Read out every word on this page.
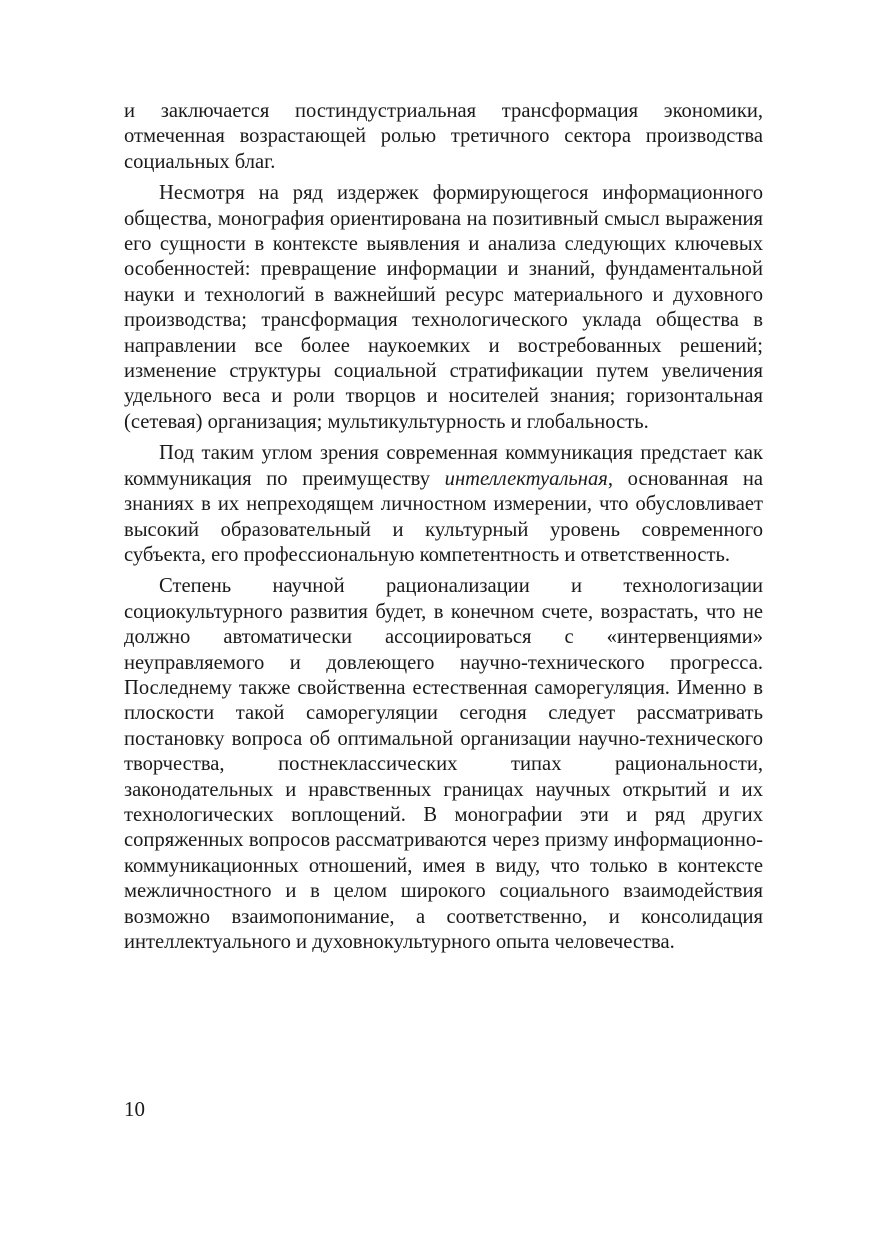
и заключается постиндустриальная трансформация экономики, отмеченная возрастающей ролью третичного сектора производства социальных благ.

Несмотря на ряд издержек формирующегося информационного общества, монография ориентирована на позитивный смысл выражения его сущности в контексте выявления и анализа следующих ключевых особенностей: превращение информации и знаний, фундаментальной науки и технологий в важнейший ресурс материального и духовного производства; трансформация технологического уклада общества в направлении все более наукоемких и востребованных решений; изменение структуры социальной стратификации путем увеличения удельного веса и роли творцов и носителей знания; горизонтальная (сетевая) организация; мультикультурность и глобальность.

Под таким углом зрения современная коммуникация предстает как коммуникация по преимуществу интеллектуальная, основанная на знаниях в их непреходящем личностном измерении, что обусловливает высокий образовательный и культурный уровень современного субъекта, его профессиональную компетентность и ответственность.

Степень научной рационализации и технологизации социокультурного развития будет, в конечном счете, возрастать, что не должно автоматически ассоциироваться с «интервенциями» неуправляемого и довлеющего научно-технического прогресса. Последнему также свойственна естественная саморегуляция. Именно в плоскости такой саморегуляции сегодня следует рассматривать постановку вопроса об оптимальной организации научно-технического творчества, постнеклассических типах рациональности, законодательных и нравственных границах научных открытий и их технологических воплощений. В монографии эти и ряд других сопряженных вопросов рассматриваются через призму информационно-коммуникационных отношений, имея в виду, что только в контексте межличностного и в целом широкого социального взаимодействия возможно взаимопонимание, а соответственно, и консолидация интеллектуального и духовнокультурного опыта человечества.

10
